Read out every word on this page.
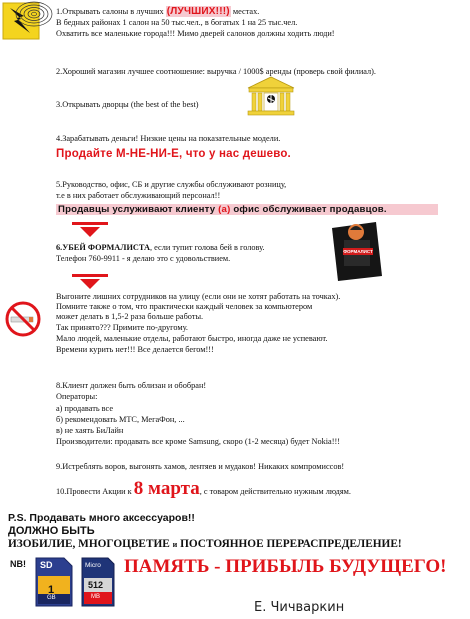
1.Открывать салоны в лучших (ЛУЧШИХ!!!) местах.
В бедных районах 1 салон на 50 тыс.чел., в богатых 1 на 25 тыс.чел.
Охватить все маленькие города!!! Мимо дверей салонов должны ходить люди!
2.Хороший магазин лучшее соотношение: выручка / 1000$ аренды (проверь свой филиал).
3.Открывать дворцы (the best of the best)
4.Зарабатывать деньги! Низкие цены на показательные модели.
Продайте М-НЕ-НИ-Е, что у нас дешево.
5.Руководство, офис, СБ и другие службы обслуживают розницу,
т.е в них работает обслуживающий персонал!!
Продавцы услуживают клиенту (а) офис обслуживает продавцов.
6.УБЕЙ ФОРМАЛИСТА, если тупит голова бей в голову.
Телефон 760-9911 - я делаю это с удовольствием.
ФОРМАЛИСТ
Выгоните лишних сотрудников на улицу (если они не хотят работать на точках).
Помните также о том, что практически каждый человек за компьютером
может делать в 1,5-2 раза больше работы.
Так принято??? Примите по-другому.
Мало людей, маленькие отделы, работают быстро, иногда даже не успевают.
Времени курить нет!!! Все делается бегом!!!
8.Клиент должен быть облизан и обобран!
Операторы:
а) продавать все
б) рекомендовать МТС, МегаФон, ...
в) не хаять БиЛайн
Производители: продавать все кроме Samsung, скоро (1-2 месяца) будет Nokia!!!
9.Истреблять воров, выгонять хамов, лентяев и мудаков! Никаких компромиссов!
10.Провести Акции к 8 марта, с товаром действительно нужным людям.
P.S. Продавать много аксессуаров!!
ДОЛЖНО БЫТЬ
ИЗОБИЛИЕ, МНОГОЦВЕТИЕ и ПОСТОЯННОЕ ПЕРЕРАСПРЕДЕЛЕНИЕ!
NB! SD
1
GB
Micro
512
MB
ПАМЯТЬ - ПРИБЫЛЬ БУДУЩЕГО!
Е. Чичваркин
